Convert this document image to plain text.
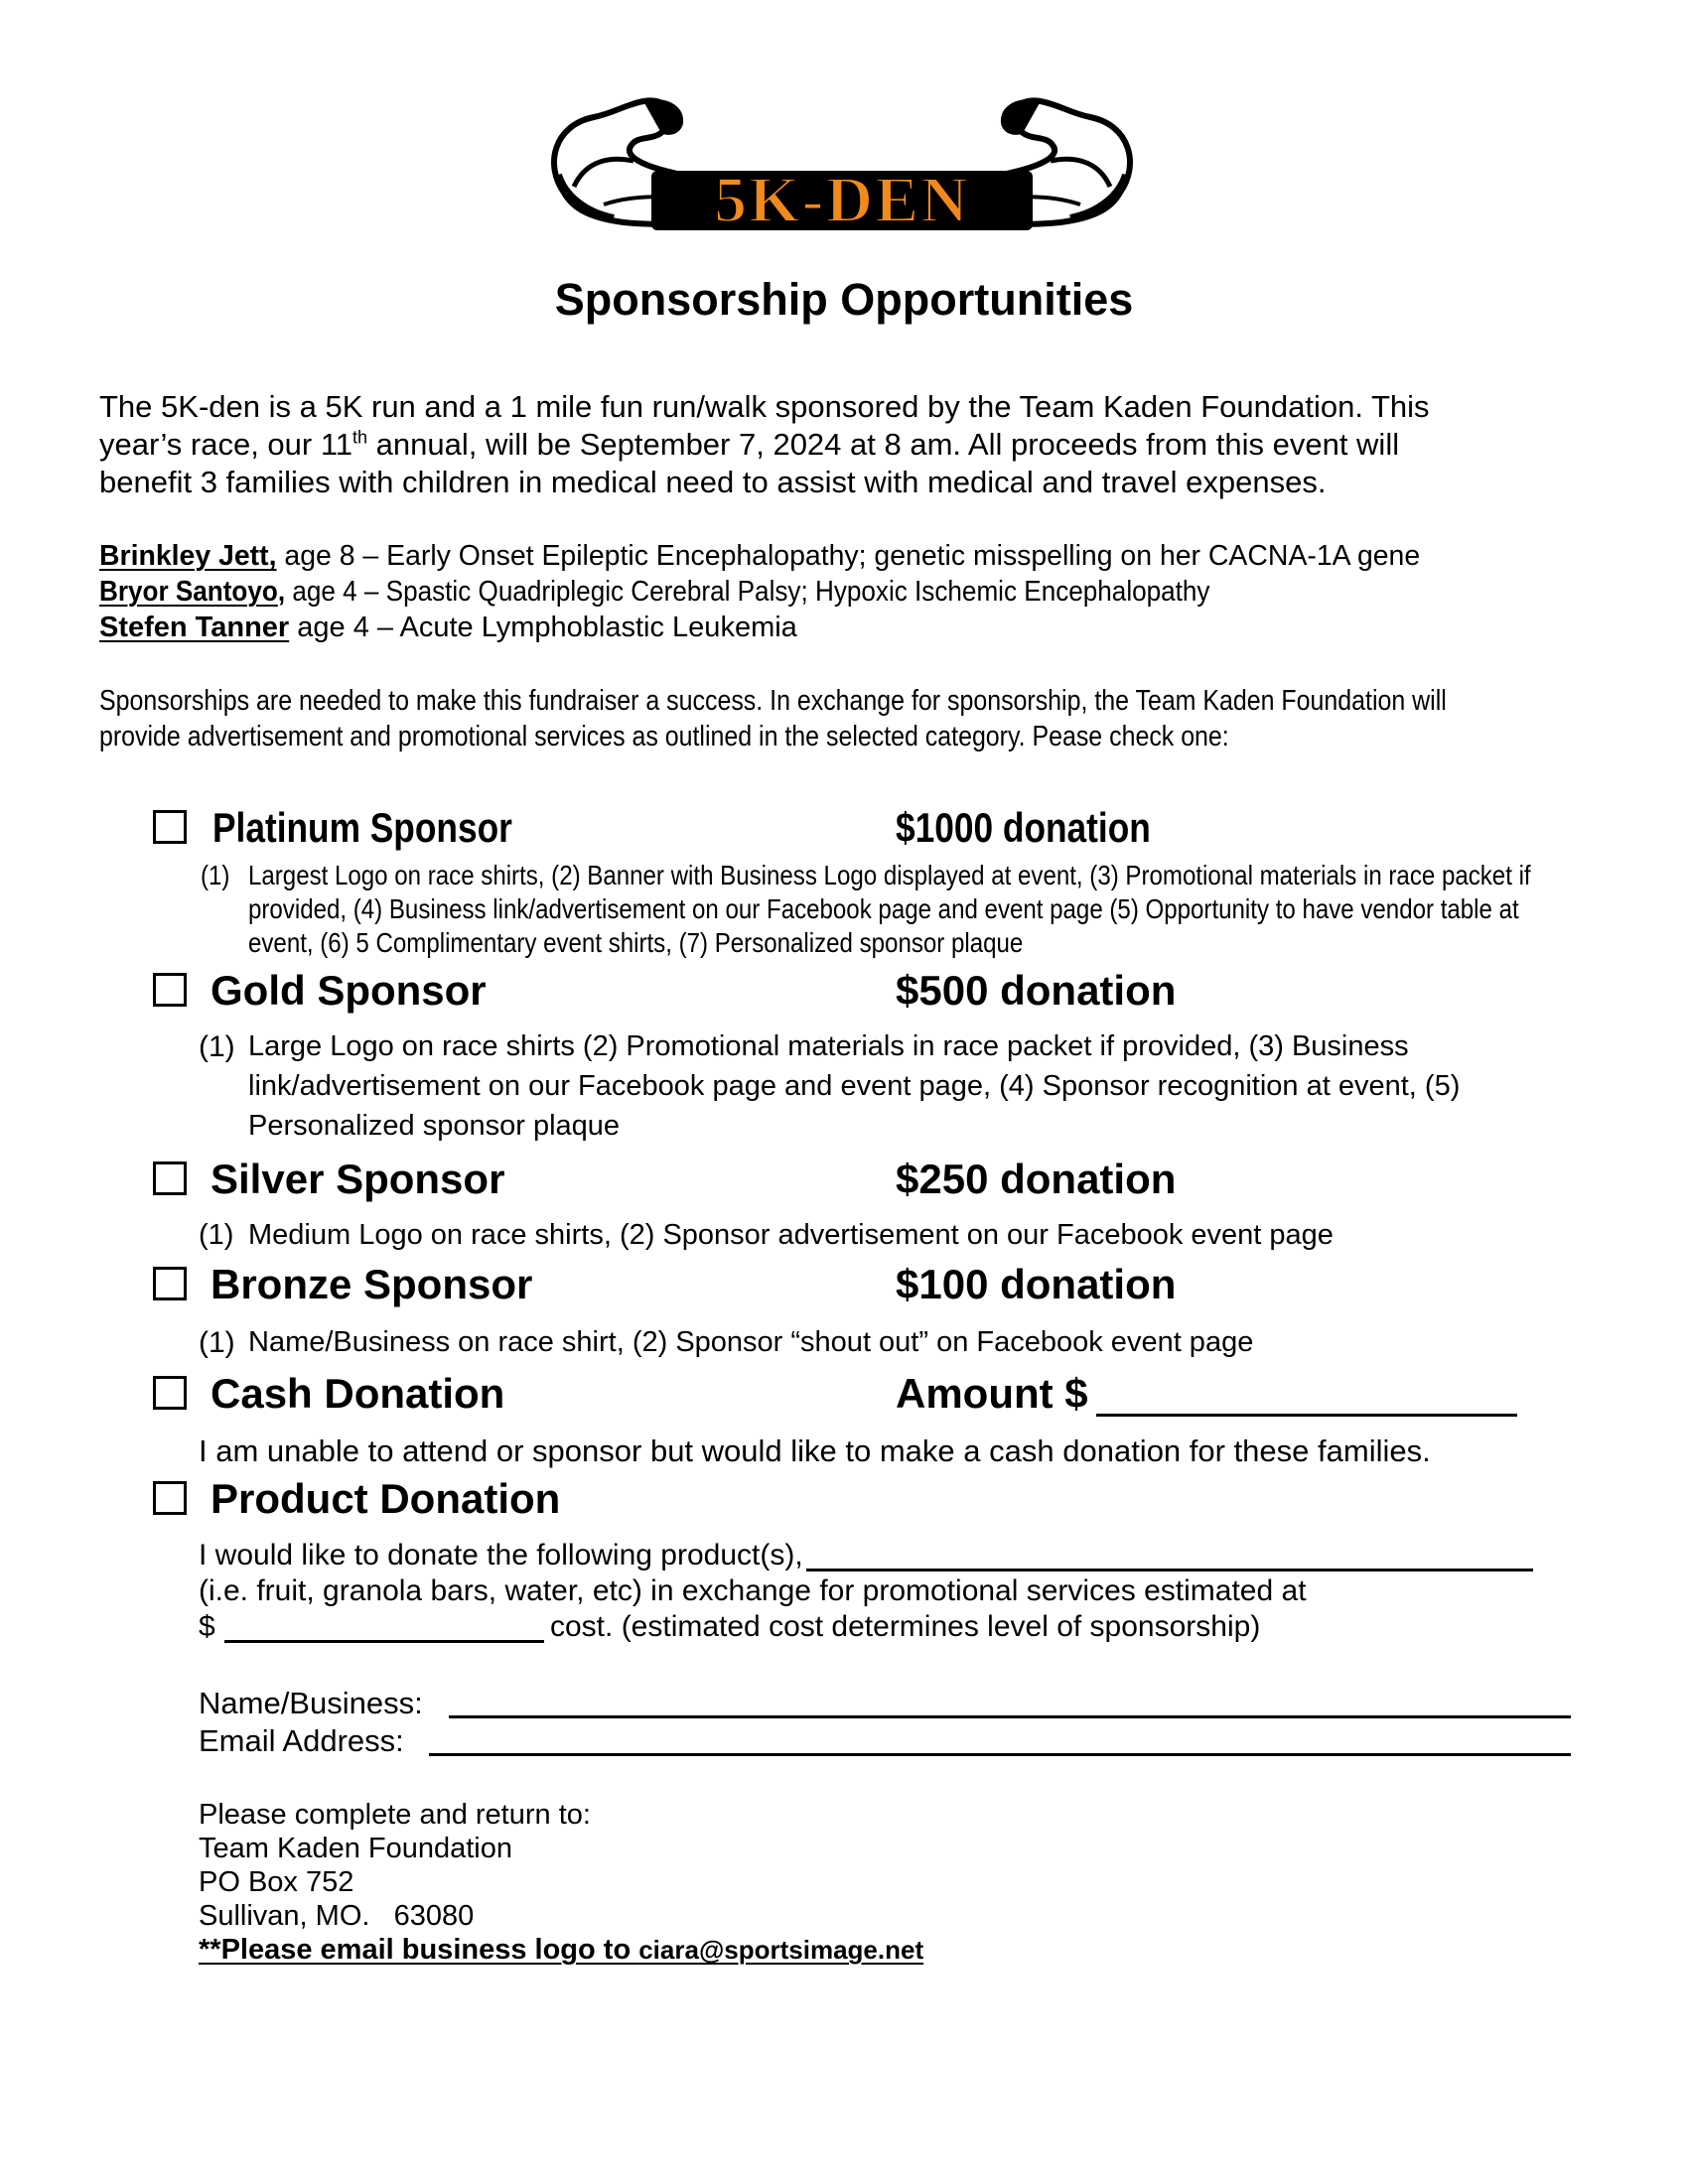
5K-DEN
Sponsorship Opportunities
The 5K-den is a 5K run and a 1 mile fun run/walk sponsored by the Team Kaden Foundation. This
year’s race, our 11th annual, will be September 7, 2024 at 8 am. All proceeds from this event will
benefit 3 families with children in medical need to assist with medical and travel expenses.
Brinkley Jett, age 8 – Early Onset Epileptic Encephalopathy; genetic misspelling on her CACNA-1A gene
Bryor Santoyo, age 4 – Spastic Quadriplegic Cerebral Palsy; Hypoxic Ischemic Encephalopathy
Stefen Tanner age 4 – Acute Lymphoblastic Leukemia
Sponsorships are needed to make this fundraiser a success. In exchange for sponsorship, the Team Kaden Foundation will
provide advertisement and promotional services as outlined in the selected category. Pease check one:
Platinum Sponsor	$1000 donation
(1) Largest Logo on race shirts, (2) Banner with Business Logo displayed at event, (3) Promotional materials in race packet if
provided, (4) Business link/advertisement on our Facebook page and event page (5) Opportunity to have vendor table at
event, (6) 5 Complimentary event shirts, (7) Personalized sponsor plaque
Gold Sponsor	$500 donation
(1) Large Logo on race shirts (2) Promotional materials in race packet if provided, (3) Business
link/advertisement on our Facebook page and event page, (4) Sponsor recognition at event, (5)
Personalized sponsor plaque
Silver Sponsor	$250 donation
(1) Medium Logo on race shirts, (2) Sponsor advertisement on our Facebook event page
Bronze Sponsor	$100 donation
(1) Name/Business on race shirt, (2) Sponsor “shout out” on Facebook event page
Cash Donation	Amount $
I am unable to attend or sponsor but would like to make a cash donation for these families.
Product Donation
I would like to donate the following product(s),
(i.e. fruit, granola bars, water, etc) in exchange for promotional services estimated at
$	cost. (estimated cost determines level of sponsorship)
Name/Business:
Email Address:
Please complete and return to:
Team Kaden Foundation
PO Box 752
Sullivan, MO.   63080
**Please email business logo to ciara@sportsimage.net
